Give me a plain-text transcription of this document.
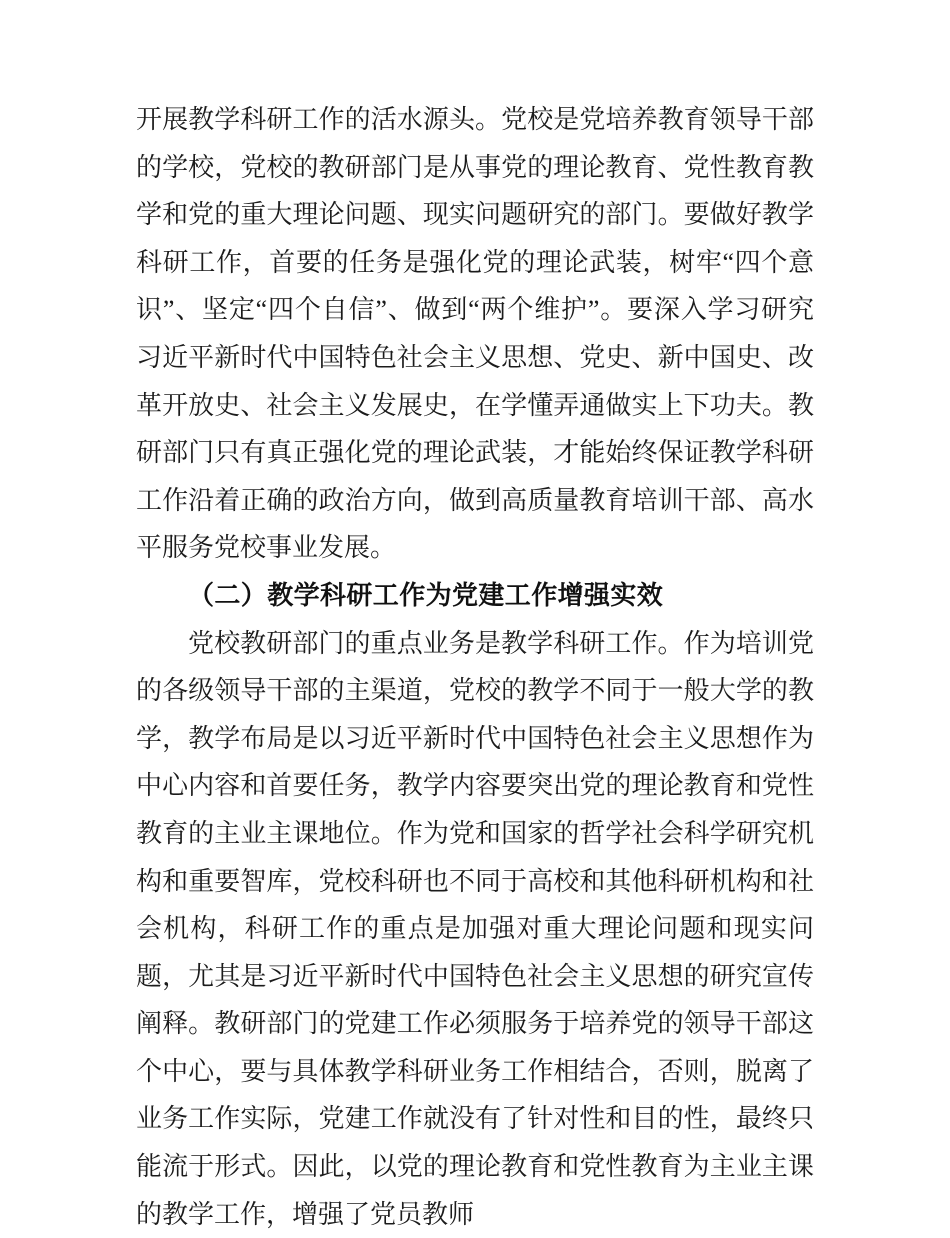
开展教学科研工作的活水源头。党校是党培养教育领导干部的学校，党校的教研部门是从事党的理论教育、党性教育教学和党的重大理论问题、现实问题研究的部门。要做好教学科研工作，首要的任务是强化党的理论武装，树牢“四个意识”、坚定“四个自信”、做到“两个维护”。要深入学习研究习近平新时代中国特色社会主义思想、党史、新中国史、改革开放史、社会主义发展史，在学懂弄通做实上下功夫。教研部门只有真正强化党的理论武装，才能始终保证教学科研工作沿着正确的政治方向，做到高质量教育培训干部、高水平服务党校事业发展。

（二）教学科研工作为党建工作增强实效

党校教研部门的重点业务是教学科研工作。作为培训党的各级领导干部的主渠道，党校的教学不同于一般大学的教学，教学布局是以习近平新时代中国特色社会主义思想作为中心内容和首要任务，教学内容要突出党的理论教育和党性教育的主业主课地位。作为党和国家的哲学社会科学研究机构和重要智库，党校科研也不同于高校和其他科研机构和社会机构，科研工作的重点是加强对重大理论问题和现实问题，尤其是习近平新时代中国特色社会主义思想的研究宣传阐释。教研部门的党建工作必须服务于培养党的领导干部这个中心，要与具体教学科研业务工作相结合，否则，脱离了业务工作实际，党建工作就没有了针对性和目的性，最终只能流于形式。因此，以党的理论教育和党性教育为主业主课的教学工作，增强了党员教师
